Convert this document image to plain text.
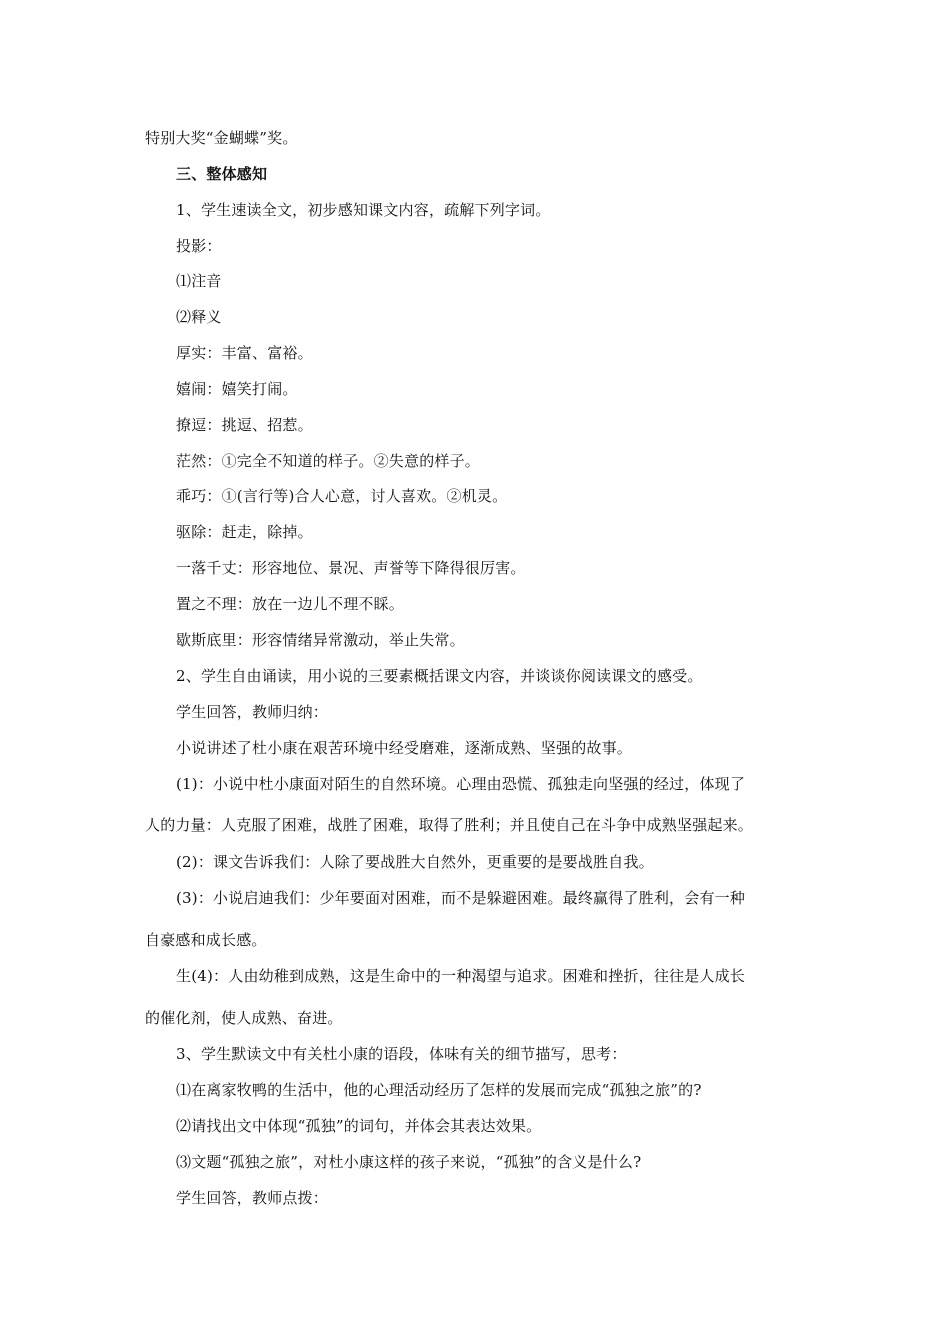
特别大奖“金蝴蝶”奖。
三、整体感知
1、学生速读全文，初步感知课文内容，疏解下列字词。
投影：
⑴注音
⑵释义
厚实：丰富、富裕。
嬉闹：嬉笑打闹。
撩逗：挑逗、招惹。
茫然：①完全不知道的样子。②失意的样子。
乖巧：①(言行等)合人心意，讨人喜欢。②机灵。
驱除：赶走，除掉。
一落千丈：形容地位、景况、声誉等下降得很厉害。
置之不理：放在一边儿不理不睬。
歇斯底里：形容情绪异常激动，举止失常。
2、学生自由诵读，用小说的三要素概括课文内容，并谈谈你阅读课文的感受。
学生回答，教师归纳：
小说讲述了杜小康在艰苦环境中经受磨难，逐渐成熟、坚强的故事。
(1)：小说中杜小康面对陌生的自然环境。心理由恐慌、孤独走向坚强的经过，体现了
人的力量：人克服了困难，战胜了困难，取得了胜利；并且使自己在斗争中成熟坚强起来。
(2)：课文告诉我们：人除了要战胜大自然外，更重要的是要战胜自我。
(3)：小说启迪我们：少年要面对困难，而不是躲避困难。最终赢得了胜利，会有一种
自豪感和成长感。
生(4)：人由幼稚到成熟，这是生命中的一种渴望与追求。困难和挫折，往往是人成长
的催化剂，使人成熟、奋进。
3、学生默读文中有关杜小康的语段，体味有关的细节描写，思考：
⑴在离家牧鸭的生活中，他的心理活动经历了怎样的发展而完成“孤独之旅”的?
⑵请找出文中体现“孤独”的词句，并体会其表达效果。
⑶文题“孤独之旅”，对杜小康这样的孩子来说，“孤独”的含义是什么?
学生回答，教师点拨：
